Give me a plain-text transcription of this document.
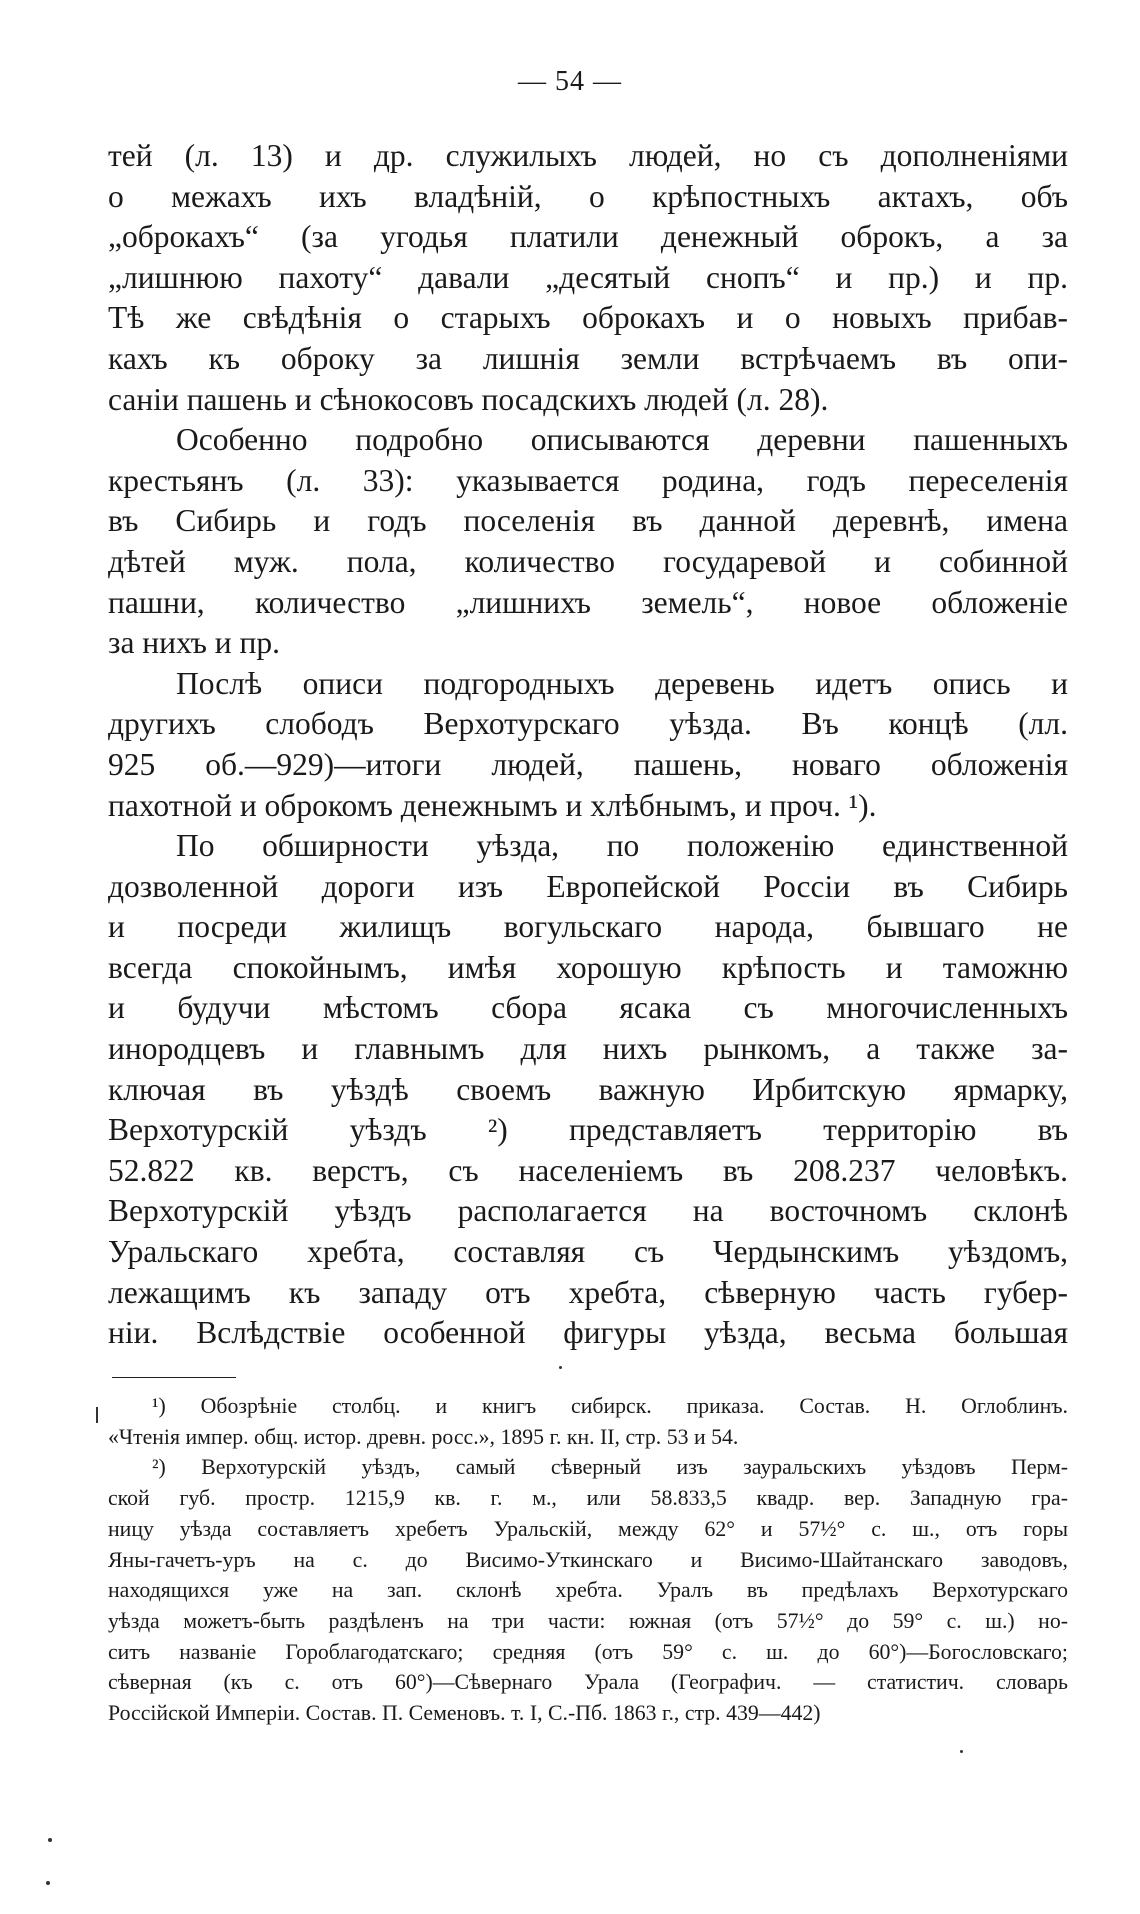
— 54 —
тей (л. 13) и др. служилыхъ людей, но съ дополненіями
о межахъ ихъ владѣній, о крѣпостныхъ актахъ, объ
„оброкахъ“ (за угодья платили денежный оброкъ, а за
„лишнюю пахоту“ давали „десятый снопъ“ и пр.) и пр.
Тѣ же свѣдѣнія о старыхъ оброкахъ и о новыхъ прибав-
кахъ къ оброку за лишнія земли встрѣчаемъ въ опи-
саніи пашень и сѣнокосовъ посадскихъ людей (л. 28).
Особенно подробно описываются деревни пашенныхъ
крестьянъ (л. 33): указывается родина, годъ переселенія
въ Сибирь и годъ поселенія въ данной деревнѣ, имена
дѣтей муж. пола, количество государевой и собинной
пашни, количество „лишнихъ земель“, новое обложеніе
за нихъ и пр.
Послѣ описи подгородныхъ деревень идетъ опись и
другихъ слободъ Верхотурскаго уѣзда. Въ концѣ (лл.
925 об.—929)—итоги людей, пашень, новаго обложенія
пахотной и оброкомъ денежнымъ и хлѣбнымъ, и проч. ¹).
По обширности уѣзда, по положенію единственной
дозволенной дороги изъ Европейской Россіи въ Сибирь
и посреди жилищъ вогульскаго народа, бывшаго не
всегда спокойнымъ, имѣя хорошую крѣпость и таможню
и будучи мѣстомъ сбора ясака съ многочисленныхъ
инородцевъ и главнымъ для нихъ рынкомъ, а также за-
ключая въ уѣздѣ своемъ важную Ирбитскую ярмарку,
Верхотурскій уѣздъ ²) представляетъ территорію въ
52.822 кв. верстъ, съ населеніемъ въ 208.237 человѣкъ.
Верхотурскій уѣздъ располагается на восточномъ склонѣ
Уральскаго хребта, составляя съ Чердынскимъ уѣздомъ,
лежащимъ къ западу отъ хребта, сѣверную часть губер-
ніи. Вслѣдствіе особенной фигуры уѣзда, весьма большая
¹) Обозрѣніе столбц. и книгъ сибирск. приказа. Состав. Н. Оглоблинъ.
«Чтенія импер. общ. истор. древн. росс.», 1895 г. кн. II, стр. 53 и 54.
²) Верхотурскій уѣздъ, самый сѣверный изъ зауральскихъ уѣздовъ Перм-
ской губ. простр. 1215,9 кв. г. м., или 58.833,5 квадр. вер. Западную гра-
ницу уѣзда составляетъ хребетъ Уральскій, между 62° и 57½° с. ш., отъ горы
Яны-гачетъ-уръ на с. до Висимо-Уткинскаго и Висимо-Шайтанскаго заводовъ,
находящихся уже на зап. склонѣ хребта. Уралъ въ предѣлахъ Верхотурскаго
уѣзда можетъ-быть раздѣленъ на три части: южная (отъ 57½° до 59° с. ш.) но-
ситъ названіе Гороблагодатскаго; средняя (отъ 59° с. ш. до 60°)—Богословскаго;
сѣверная (къ с. отъ 60°)—Сѣвернаго Урала (Географич. — статистич. словарь
Россійской Имперіи. Состав. П. Семеновъ. т. I, С.-Пб. 1863 г., стр. 439—442)
